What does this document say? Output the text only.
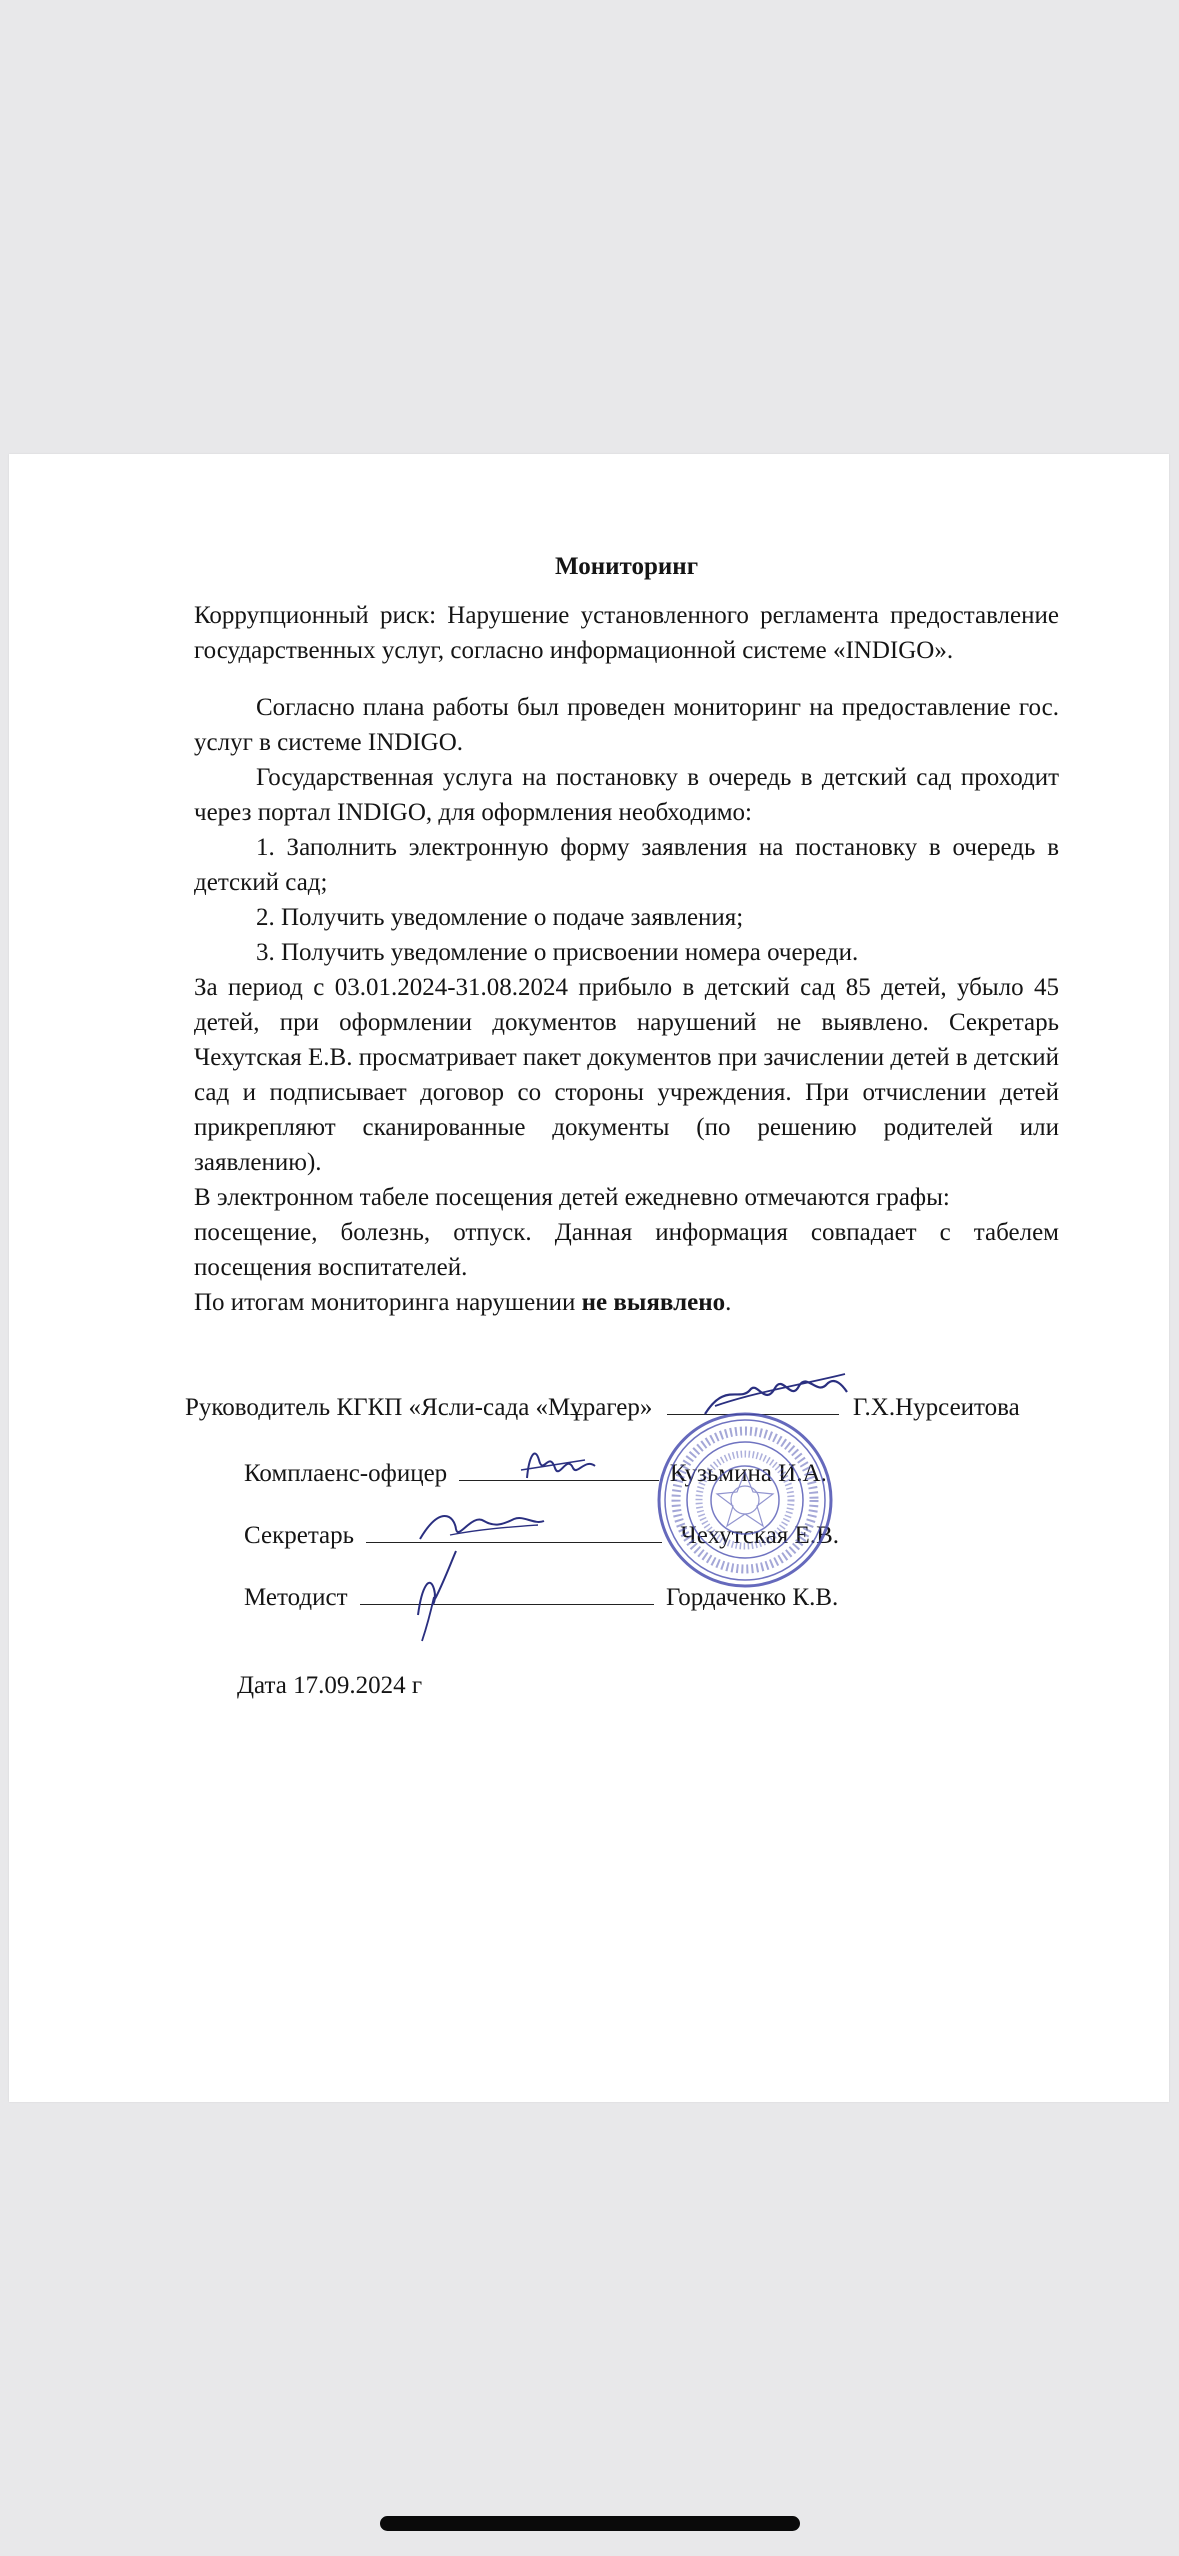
Мониторинг

Коррупционный риск: Нарушение установленного регламента предоставление государственных услуг, согласно информационной системе «INDIGO».

Согласно плана работы был проведен мониторинг на предоставление гос. услуг в системе INDIGO.

Государственная услуга на постановку в очередь в детский сад проходит через портал INDIGO, для оформления необходимо:

1. Заполнить электронную форму заявления на постановку в очередь в детский сад;

2. Получить уведомление о подаче заявления;

3. Получить уведомление о присвоении номера очереди.

За период с 03.01.2024-31.08.2024 прибыло в детский сад 85 детей, убыло 45 детей, при оформлении документов нарушений не выявлено. Секретарь Чехутская Е.В. просматривает пакет документов при зачислении детей в детский сад и подписывает договор со стороны учреждения. При отчислении детей прикрепляют сканированные документы (по решению родителей или заявлению).

В электронном табеле посещения детей ежедневно отмечаются графы:

посещение, болезнь, отпуск. Данная информация совпадает с табелем посещения воспитателей.

По итогам мониторинга нарушении не выявлено.

Руководитель КГКП «Ясли-сада «Мұрагер»	Г.Х.Нурсеитова
Комплаенс-офицер	Кузьмина И.А.
Секретарь	Чехутская Е.В.
Методист	Гордаченко К.В.
Дата 17.09.2024 г
